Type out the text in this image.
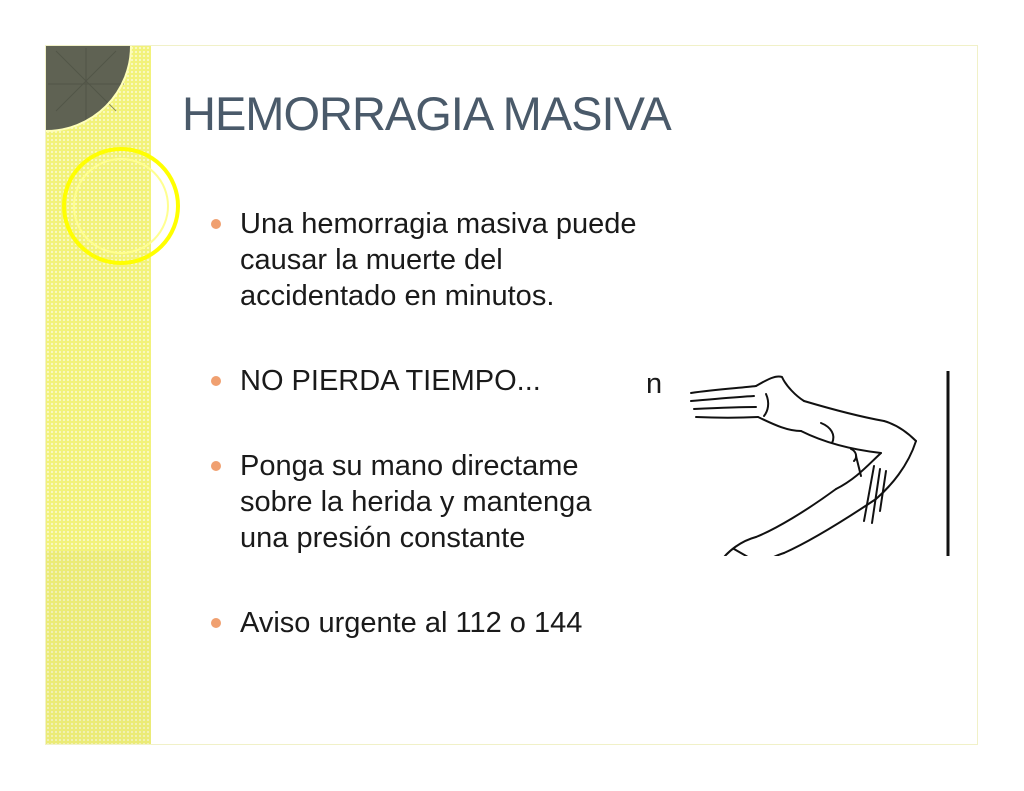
HEMORRAGIA MASIVA
Una hemorragia masiva puede
causar la muerte del
accidentado en minutos.
NO PIERDA TIEMPO...
Ponga su mano directame
sobre la herida y mantenga
una presión constante
Aviso urgente al 112 o 144
n
